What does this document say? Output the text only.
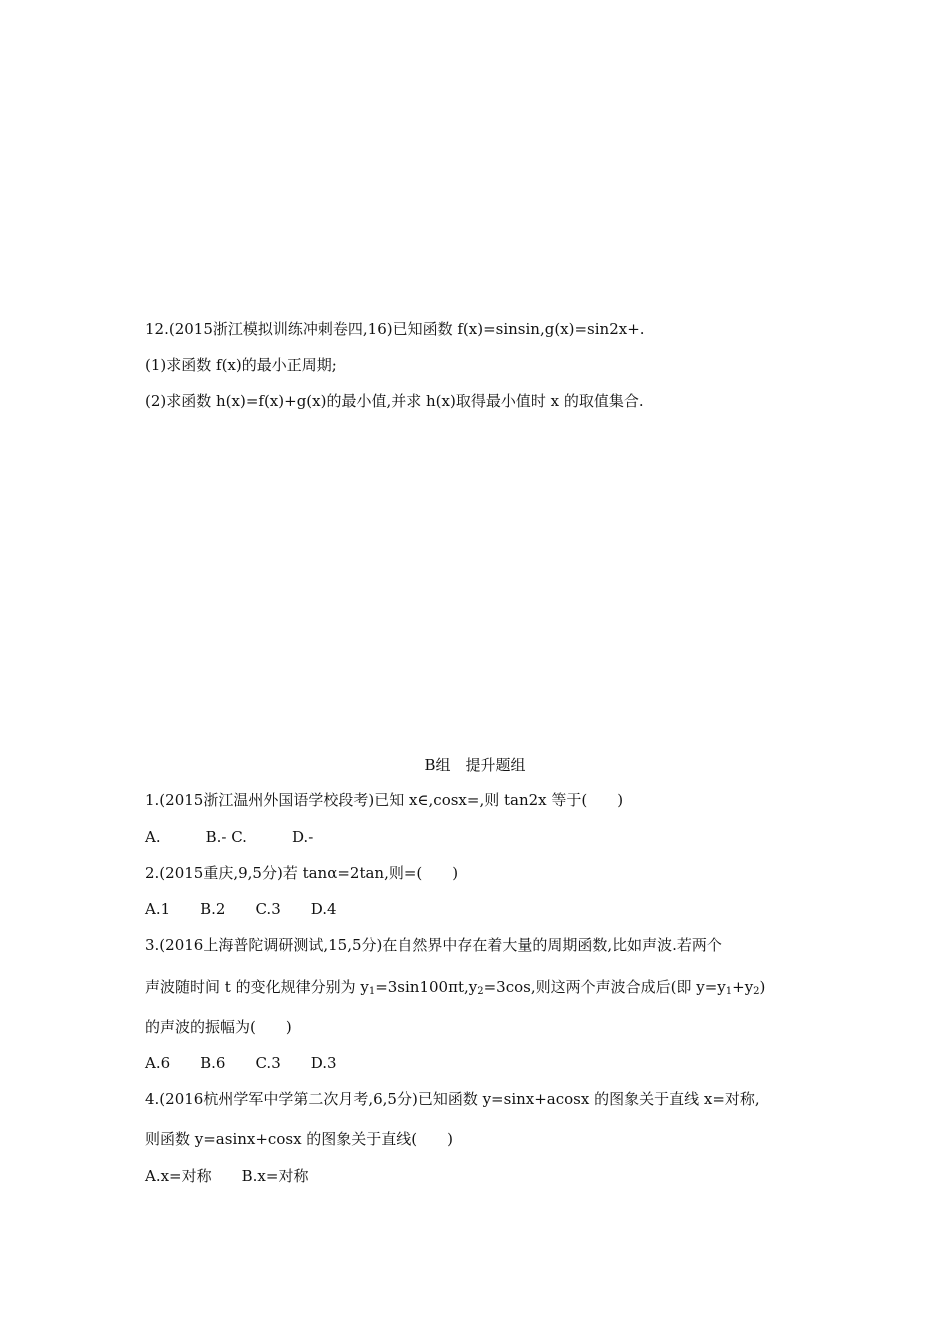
12.(2015浙江模拟训练冲刺卷四,16)已知函数 f(x)=sinsin,g(x)=sin2x+.
(1)求函数 f(x)的最小正周期;
(2)求函数 h(x)=f(x)+g(x)的最小值,并求 h(x)取得最小值时 x 的取值集合.
B组　提升题组
1.(2015浙江温州外国语学校段考)已知 x∈,cosx=,则 tan2x 等于(　　)
A.　　　B.- C.　　　D.-
2.(2015重庆,9,5分)若 tanα=2tan,则=(　　)
A.1　　B.2　　C.3　　D.4
3.(2016上海普陀调研测试,15,5分)在自然界中存在着大量的周期函数,比如声波.若两个
声波随时间 t 的变化规律分别为 $y_1=3\sin 100\pi t,y_2=3\cos$,则这两个声波合成后(即 $y=y_1+y_2$)
的声波的振幅为(　　)
A.6　　B.6　　C.3　　D.3
4.(2016杭州学军中学第二次月考,6,5分)已知函数 y=sinx+acosx 的图象关于直线 x=对称,
则函数 y=asinx+cosx 的图象关于直线(　　)
A.x=对称　　B.x=对称
